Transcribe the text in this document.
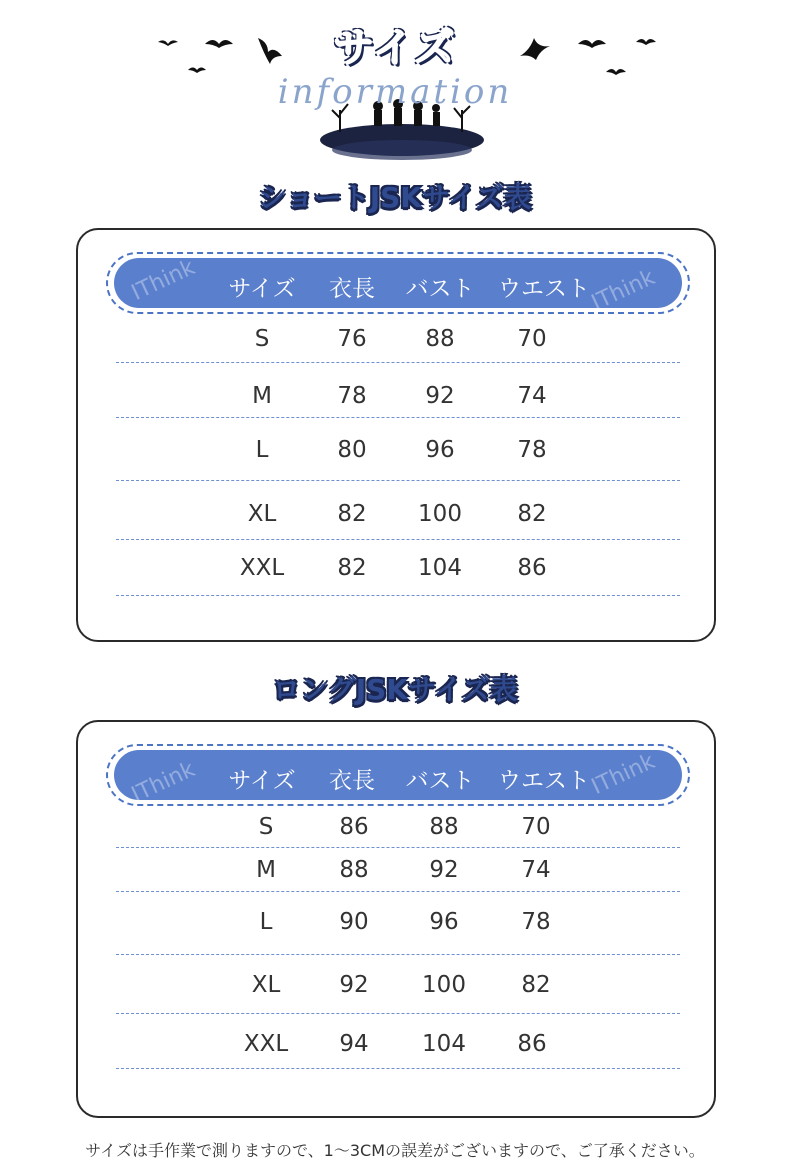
サイズ
information
ショートJSKサイズ表
IThink	IThink
サイズ	衣長	バスト	ウエスト
S	76	88	70
M	78	92	74
L	80	96	78
XL	82	100	82
XXL	82	104	86
ロングJSKサイズ表
IThink	IThink
サイズ	衣長	バスト	ウエスト
S	86	88	70
M	88	92	74
L	90	96	78
XL	92	100	82
XXL	94	104	86
サイズは手作業で測りますので、1〜3CMの誤差がございますので、ご了承ください。
